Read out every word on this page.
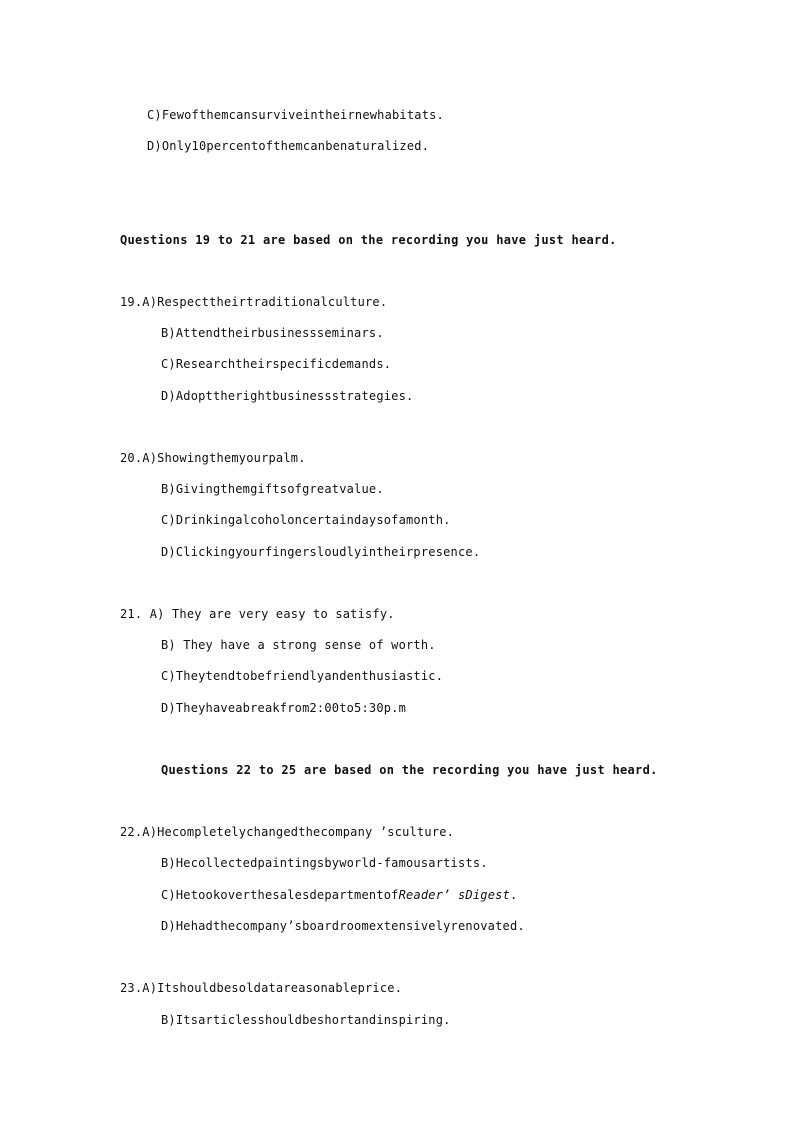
C)Fewofthemcansurviveintheirnewhabitats.
D)Only10percentofthemcanbenaturalized.
Questions 19 to 21 are based on the recording you have just heard.
19.A)Respecttheirtraditionalculture.
B)Attendtheirbusinessseminars.
C)Researchtheirspecificdemands.
D)Adopttherightbusinessstrategies.
20.A)Showingthemyourpalm.
B)Givingthemgiftsofgreatvalue.
C)Drinkingalcoholoncertaindaysofamonth.
D)Clickingyourfingersloudlyintheirpresence.
21. A) They are very easy to satisfy.
B) They have a strong sense of worth.
C)Theytendtobefriendlyandenthusiastic.
D)Theyhaveabreakfrom2:00to5:30p.m
Questions 22 to 25 are based on the recording you have just heard.
22.A)Hecompletelychangedthecompany ’sculture.
B)Hecollectedpaintingsbyworld-famousartists.
C)HetookoverthesalesdepartmentofReader’ sDigest.
D)Hehadthecompany’sboardroomextensivelyrenovated.
23.A)Itshouldbesoldatareasonableprice.
B)Itsarticlesshouldbeshortandinspiring.
